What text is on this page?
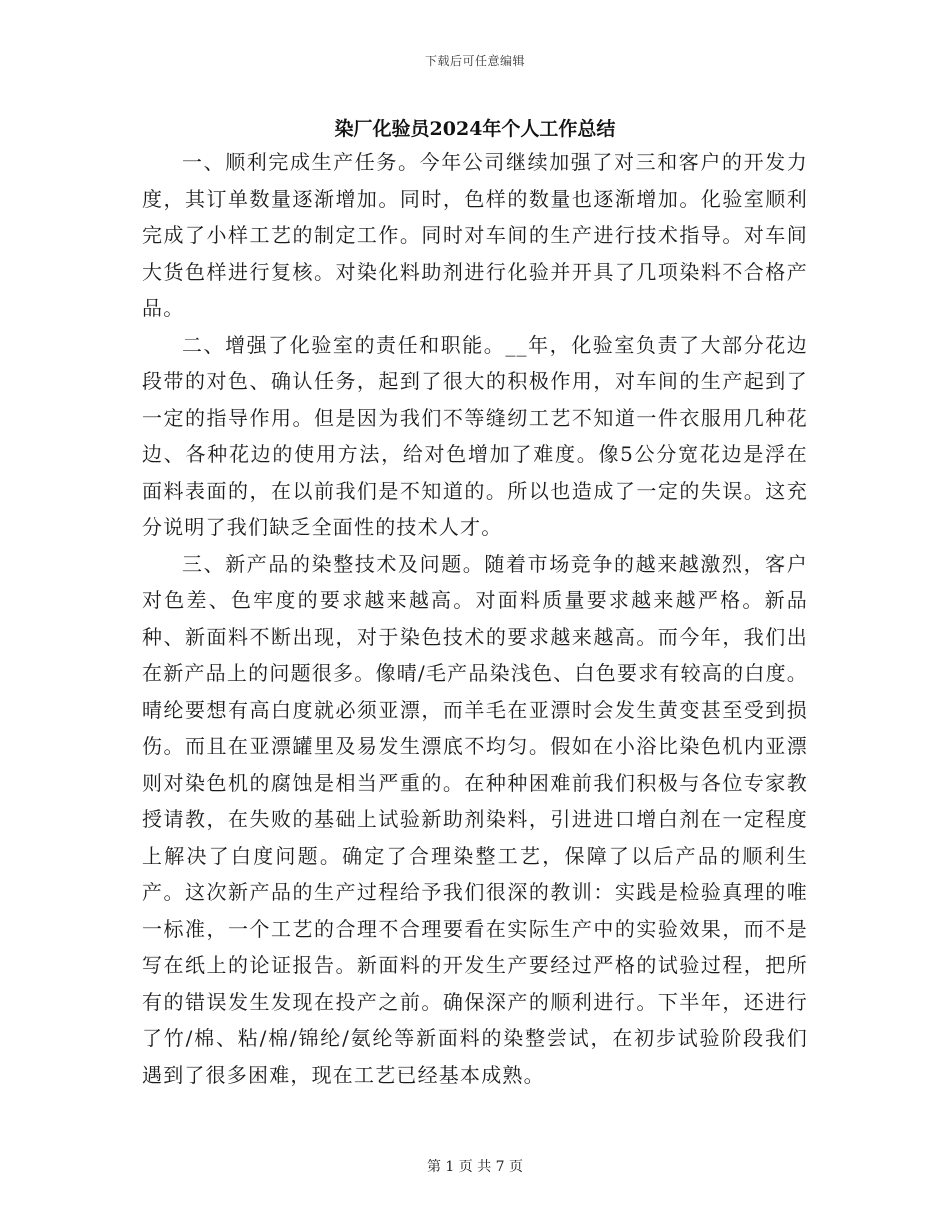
下载后可任意编辑
染厂化验员2024年个人工作总结

一、顺利完成生产任务。今年公司继续加强了对三和客户的开发力度，其订单数量逐渐增加。同时，色样的数量也逐渐增加。化验室顺利完成了小样工艺的制定工作。同时对车间的生产进行技术指导。对车间大货色样进行复核。对染化料助剂进行化验并开具了几项染料不合格产品。

二、增强了化验室的责任和职能。__年，化验室负责了大部分花边段带的对色、确认任务，起到了很大的积极作用，对车间的生产起到了一定的指导作用。但是因为我们不等缝纫工艺不知道一件衣服用几种花边、各种花边的使用方法，给对色增加了难度。像5公分宽花边是浮在面料表面的，在以前我们是不知道的。所以也造成了一定的失误。这充分说明了我们缺乏全面性的技术人才。

三、新产品的染整技术及问题。随着市场竞争的越来越激烈，客户对色差、色牢度的要求越来越高。对面料质量要求越来越严格。新品种、新面料不断出现，对于染色技术的要求越来越高。而今年，我们出在新产品上的问题很多。像晴/毛产品染浅色、白色要求有较高的白度。晴纶要想有高白度就必须亚漂，而羊毛在亚漂时会发生黄变甚至受到损伤。而且在亚漂罐里及易发生漂底不均匀。假如在小浴比染色机内亚漂则对染色机的腐蚀是相当严重的。在种种困难前我们积极与各位专家教授请教，在失败的基础上试验新助剂染料，引进进口增白剂在一定程度上解决了白度问题。确定了合理染整工艺，保障了以后产品的顺利生产。这次新产品的生产过程给予我们很深的教训：实践是检验真理的唯一标准，一个工艺的合理不合理要看在实际生产中的实验效果，而不是写在纸上的论证报告。新面料的开发生产要经过严格的试验过程，把所有的错误发生发现在投产之前。确保深产的顺利进行。下半年，还进行了竹/棉、粘/棉/锦纶/氨纶等新面料的染整尝试，在初步试验阶段我们遇到了很多困难，现在工艺已经基本成熟。

第 1 页 共 7 页
